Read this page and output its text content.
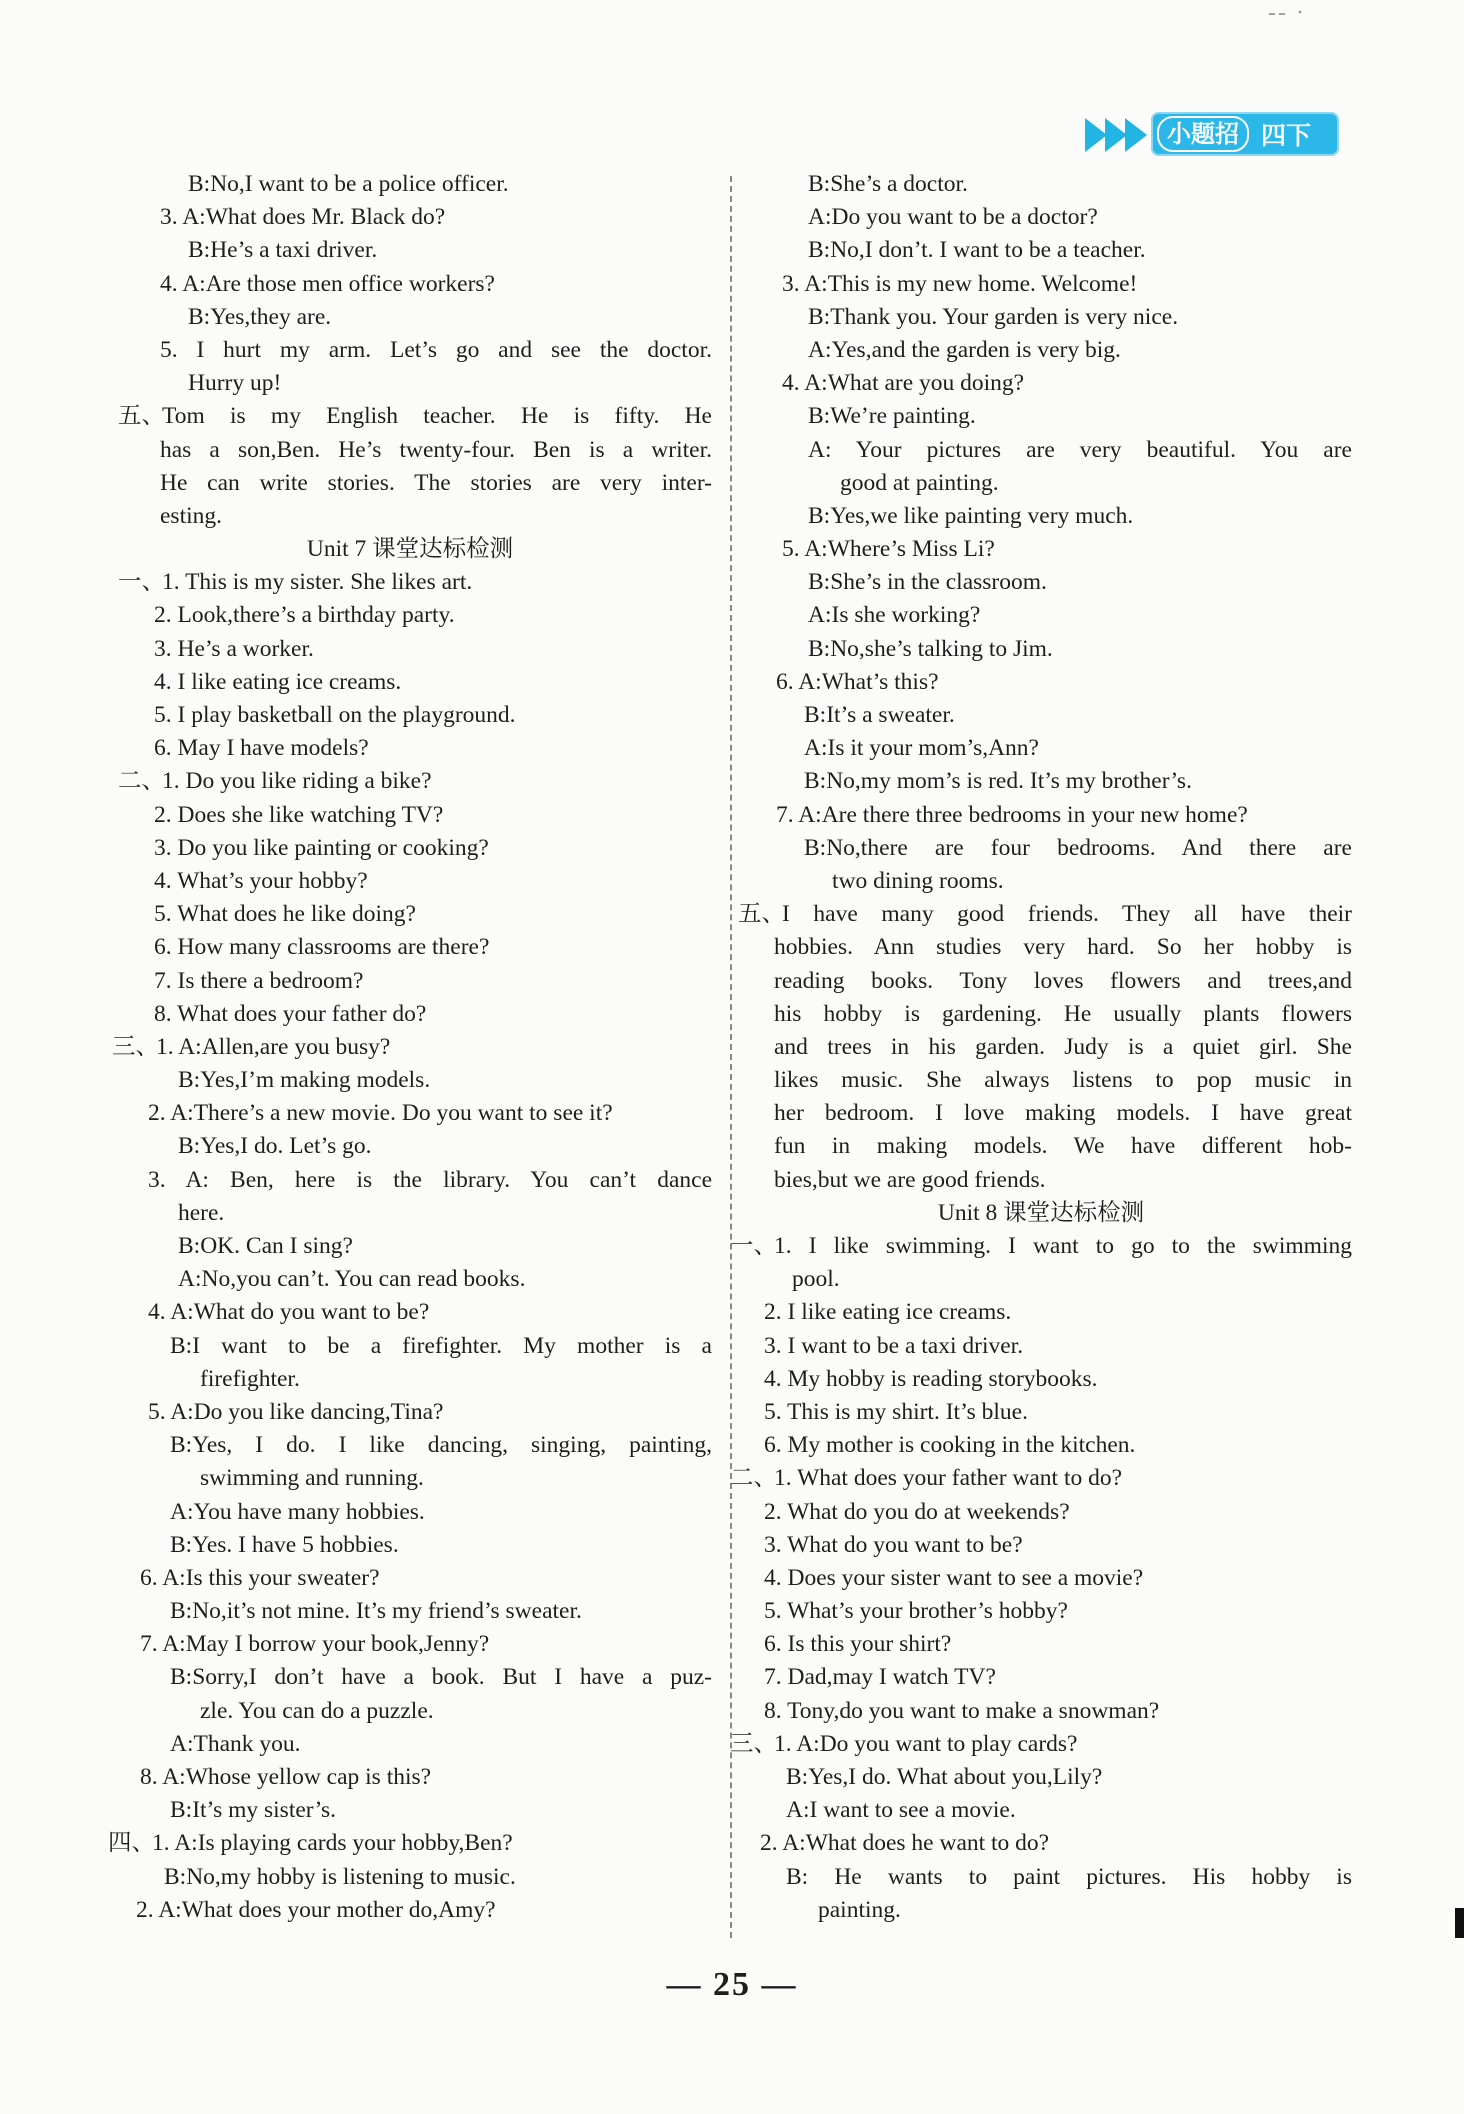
-- ·
小题招 四下
B:No,I want to be a police officer.
3. A:What does Mr. Black do?
B:He’s a taxi driver.
4. A:Are those men office workers?
B:Yes,they are.
5. I hurt my arm. Let’s go and see the doctor.
Hurry up!
五、Tom is my English teacher. He is fifty. He
has a son,Ben. He’s twenty-four. Ben is a writer.
He can write stories. The stories are very inter-
esting.
Unit 7 课堂达标检测
一、1. This is my sister. She likes art.
2. Look,there’s a birthday party.
3. He’s a worker.
4. I like eating ice creams.
5. I play basketball on the playground.
6. May I have models?
二、1. Do you like riding a bike?
2. Does she like watching TV?
3. Do you like painting or cooking?
4. What’s your hobby?
5. What does he like doing?
6. How many classrooms are there?
7. Is there a bedroom?
8. What does your father do?
三、1. A:Allen,are you busy?
B:Yes,I’m making models.
2. A:There’s a new movie. Do you want to see it?
B:Yes,I do. Let’s go.
3. A: Ben, here is the library. You can’t dance
here.
B:OK. Can I sing?
A:No,you can’t. You can read books.
4. A:What do you want to be?
B:I want to be a firefighter. My mother is a
firefighter.
5. A:Do you like dancing,Tina?
B:Yes, I do. I like dancing, singing, painting,
swimming and running.
A:You have many hobbies.
B:Yes. I have 5 hobbies.
6. A:Is this your sweater?
B:No,it’s not mine. It’s my friend’s sweater.
7. A:May I borrow your book,Jenny?
B:Sorry,I don’t have a book. But I have a puz-
zle. You can do a puzzle.
A:Thank you.
8. A:Whose yellow cap is this?
B:It’s my sister’s.
四、1. A:Is playing cards your hobby,Ben?
B:No,my hobby is listening to music.
2. A:What does your mother do,Amy?
B:She’s a doctor.
A:Do you want to be a doctor?
B:No,I don’t. I want to be a teacher.
3. A:This is my new home. Welcome!
B:Thank you. Your garden is very nice.
A:Yes,and the garden is very big.
4. A:What are you doing?
B:We’re painting.
A: Your pictures are very beautiful. You are
good at painting.
B:Yes,we like painting very much.
5. A:Where’s Miss Li?
B:She’s in the classroom.
A:Is she working?
B:No,she’s talking to Jim.
6. A:What’s this?
B:It’s a sweater.
A:Is it your mom’s,Ann?
B:No,my mom’s is red. It’s my brother’s.
7. A:Are there three bedrooms in your new home?
B:No,there are four bedrooms. And there are
two dining rooms.
五、I have many good friends. They all have their
hobbies. Ann studies very hard. So her hobby is
reading books. Tony loves flowers and trees,and
his hobby is gardening. He usually plants flowers
and trees in his garden. Judy is a quiet girl. She
likes music. She always listens to pop music in
her bedroom. I love making models. I have great
fun in making models. We have different hob-
bies,but we are good friends.
Unit 8 课堂达标检测
一、1. I like swimming. I want to go to the swimming
pool.
2. I like eating ice creams.
3. I want to be a taxi driver.
4. My hobby is reading storybooks.
5. This is my shirt. It’s blue.
6. My mother is cooking in the kitchen.
二、1. What does your father want to do?
2. What do you do at weekends?
3. What do you want to be?
4. Does your sister want to see a movie?
5. What’s your brother’s hobby?
6. Is this your shirt?
7. Dad,may I watch TV?
8. Tony,do you want to make a snowman?
三、1. A:Do you want to play cards?
B:Yes,I do. What about you,Lily?
A:I want to see a movie.
2. A:What does he want to do?
B: He wants to paint pictures. His hobby is
painting.
— 25 —
